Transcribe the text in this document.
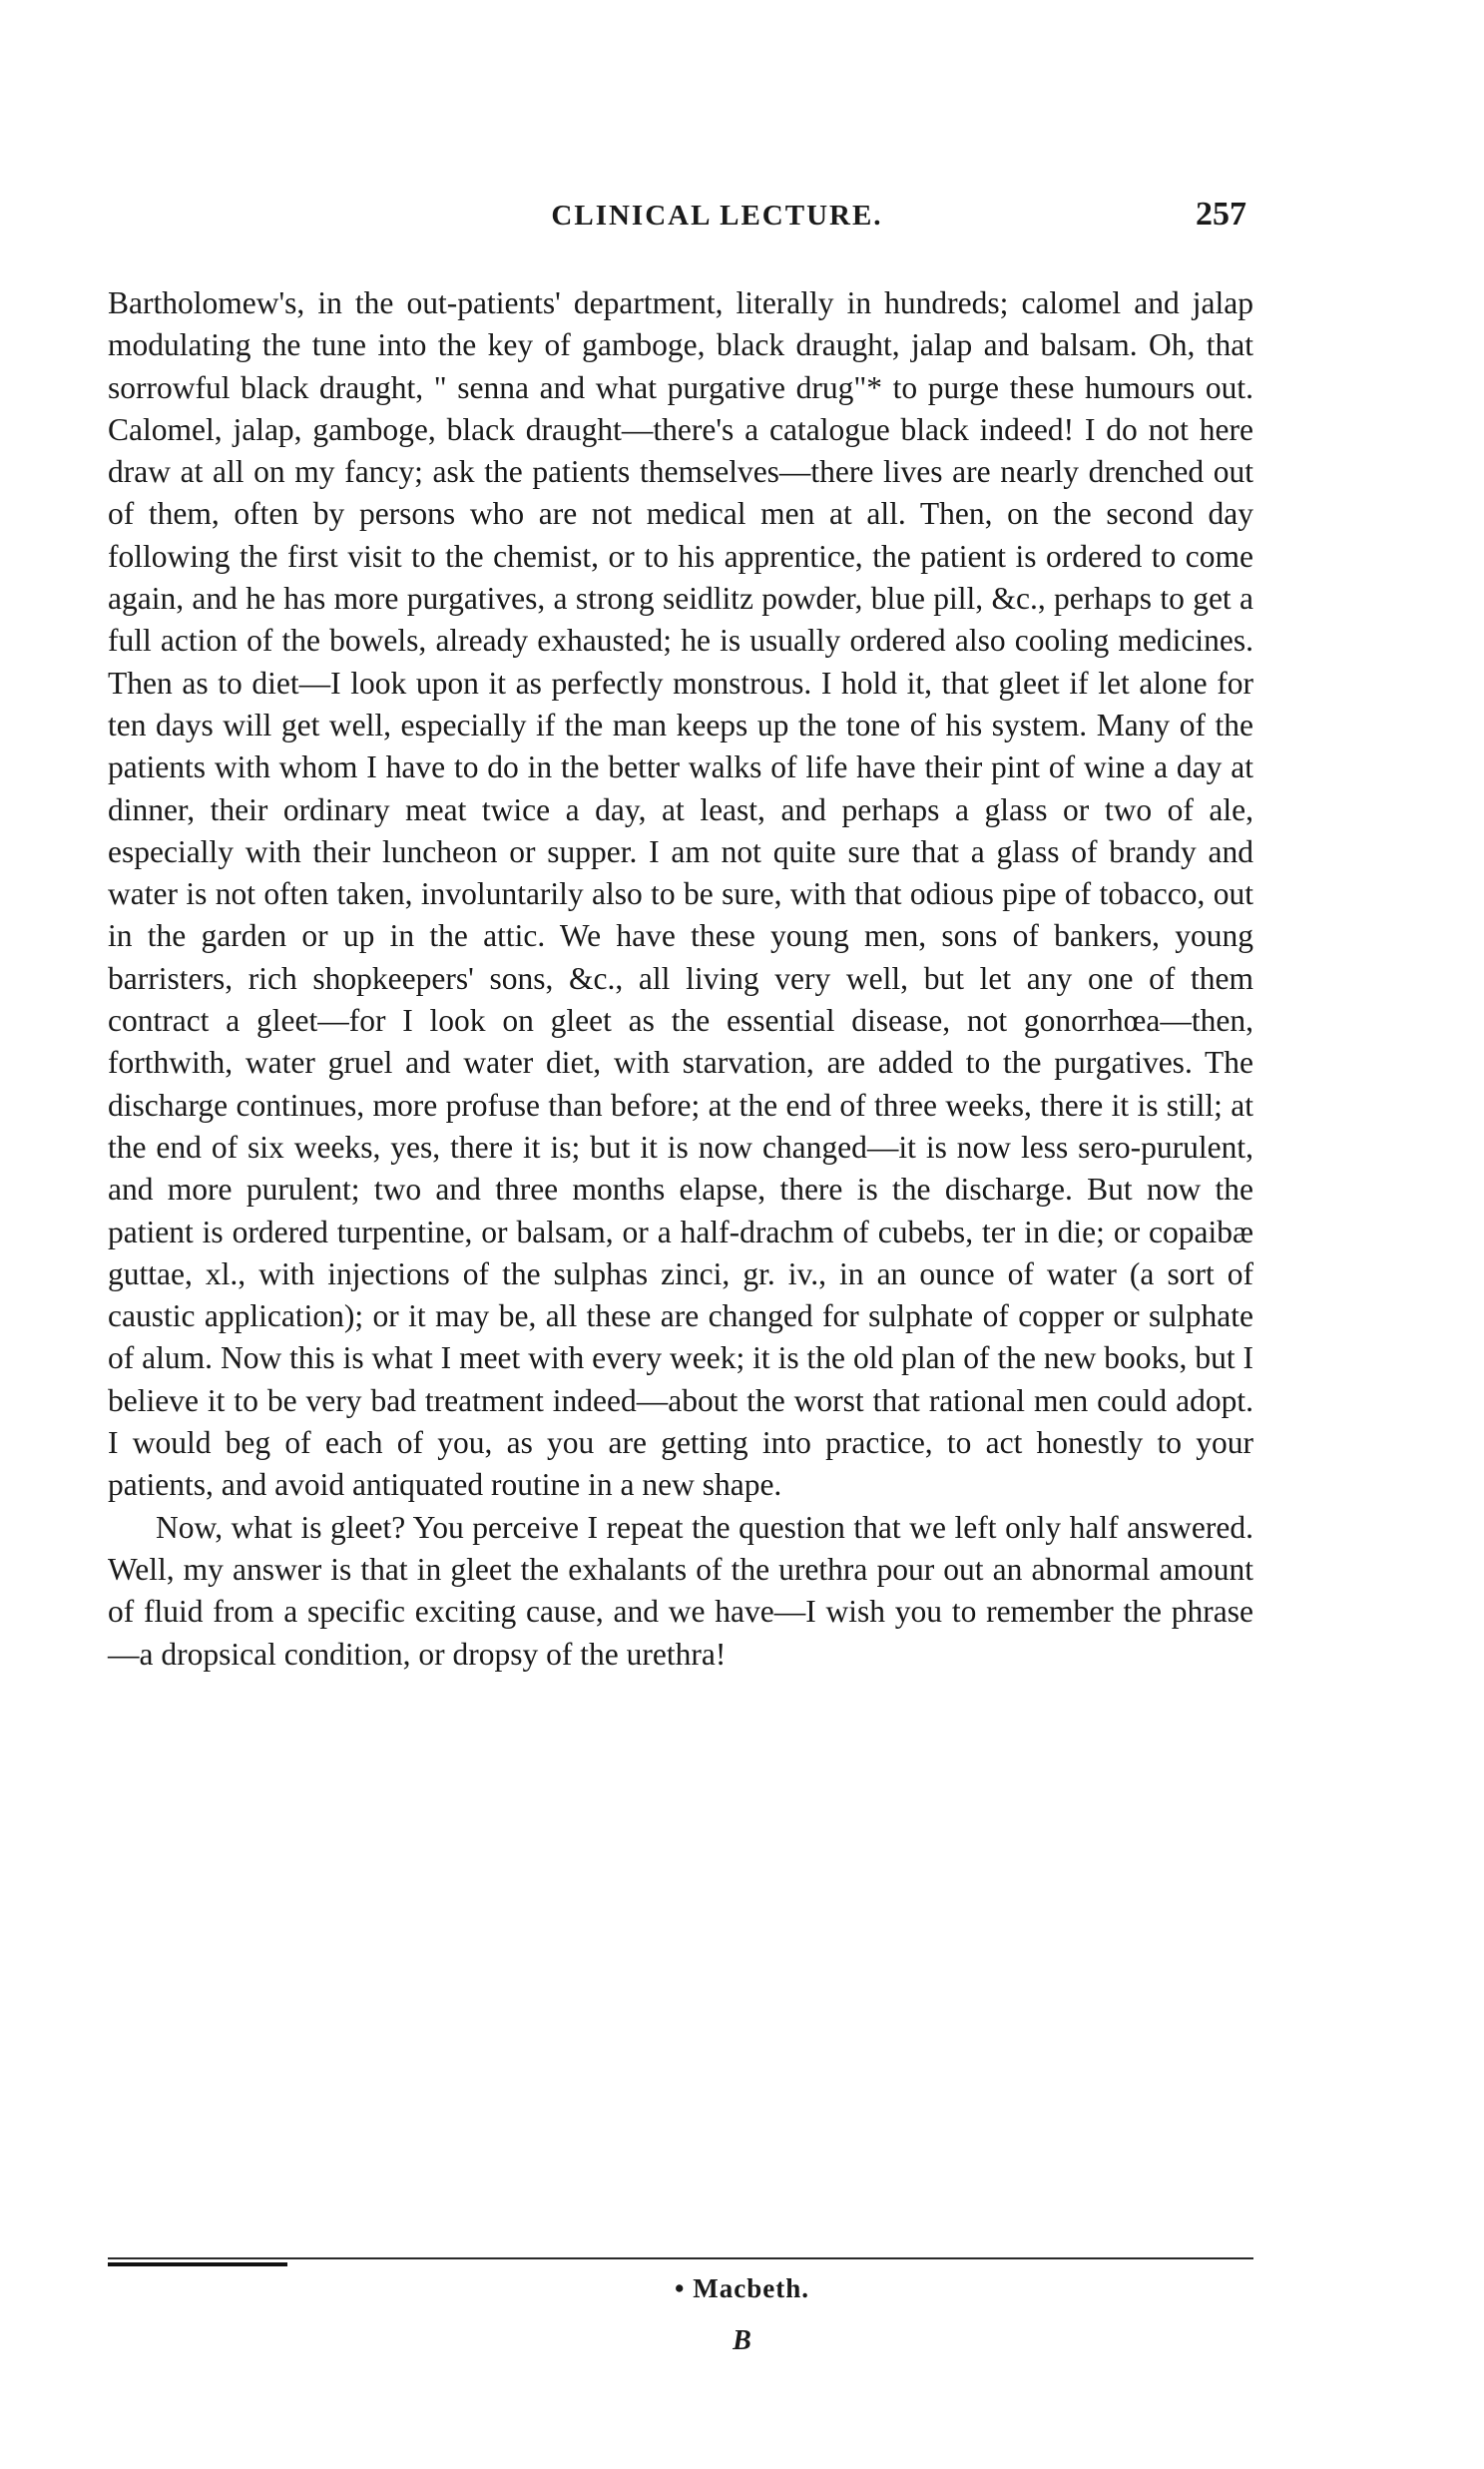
CLINICAL LECTURE.	257

Bartholomew's, in the out-patients' department, literally in hundreds; calomel and jalap modulating the tune into the key of gamboge, black draught, jalap and balsam. Oh, that sorrowful black draught, " senna and what purgative drug"* to purge these humours out. Calomel, jalap, gamboge, black draught—there's a catalogue black indeed! I do not here draw at all on my fancy; ask the patients themselves—there lives are nearly drenched out of them, often by persons who are not medical men at all. Then, on the second day following the first visit to the chemist, or to his apprentice, the patient is ordered to come again, and he has more purgatives, a strong seidlitz powder, blue pill, &c., perhaps to get a full action of the bowels, already exhausted; he is usually ordered also cooling medicines. Then as to diet—I look upon it as perfectly monstrous. I hold it, that gleet if let alone for ten days will get well, especially if the man keeps up the tone of his system. Many of the patients with whom I have to do in the better walks of life have their pint of wine a day at dinner, their ordinary meat twice a day, at least, and perhaps a glass or two of ale, especially with their luncheon or supper. I am not quite sure that a glass of brandy and water is not often taken, involuntarily also to be sure, with that odious pipe of tobacco, out in the garden or up in the attic. We have these young men, sons of bankers, young barristers, rich shopkeepers' sons, &c., all living very well, but let any one of them contract a gleet—for I look on gleet as the essential disease, not gonorrhœa—then, forthwith, water gruel and water diet, with starvation, are added to the purgatives. The discharge continues, more profuse than before; at the end of three weeks, there it is still; at the end of six weeks, yes, there it is; but it is now changed—it is now less sero-purulent, and more purulent; two and three months elapse, there is the discharge. But now the patient is ordered turpentine, or balsam, or a half-drachm of cubebs, ter in die; or copaibæ guttae, xl., with injections of the sulphas zinci, gr. iv., in an ounce of water (a sort of caustic application); or it may be, all these are changed for sulphate of copper or sulphate of alum. Now this is what I meet with every week; it is the old plan of the new books, but I believe it to be very bad treatment indeed—about the worst that rational men could adopt. I would beg of each of you, as you are getting into practice, to act honestly to your patients, and avoid antiquated routine in a new shape.

Now, what is gleet? You perceive I repeat the question that we left only half answered. Well, my answer is that in gleet the exhalants of the urethra pour out an abnormal amount of fluid from a specific exciting cause, and we have—I wish you to remember the phrase—a dropsical condition, or dropsy of the urethra!

• Macbeth.
B
